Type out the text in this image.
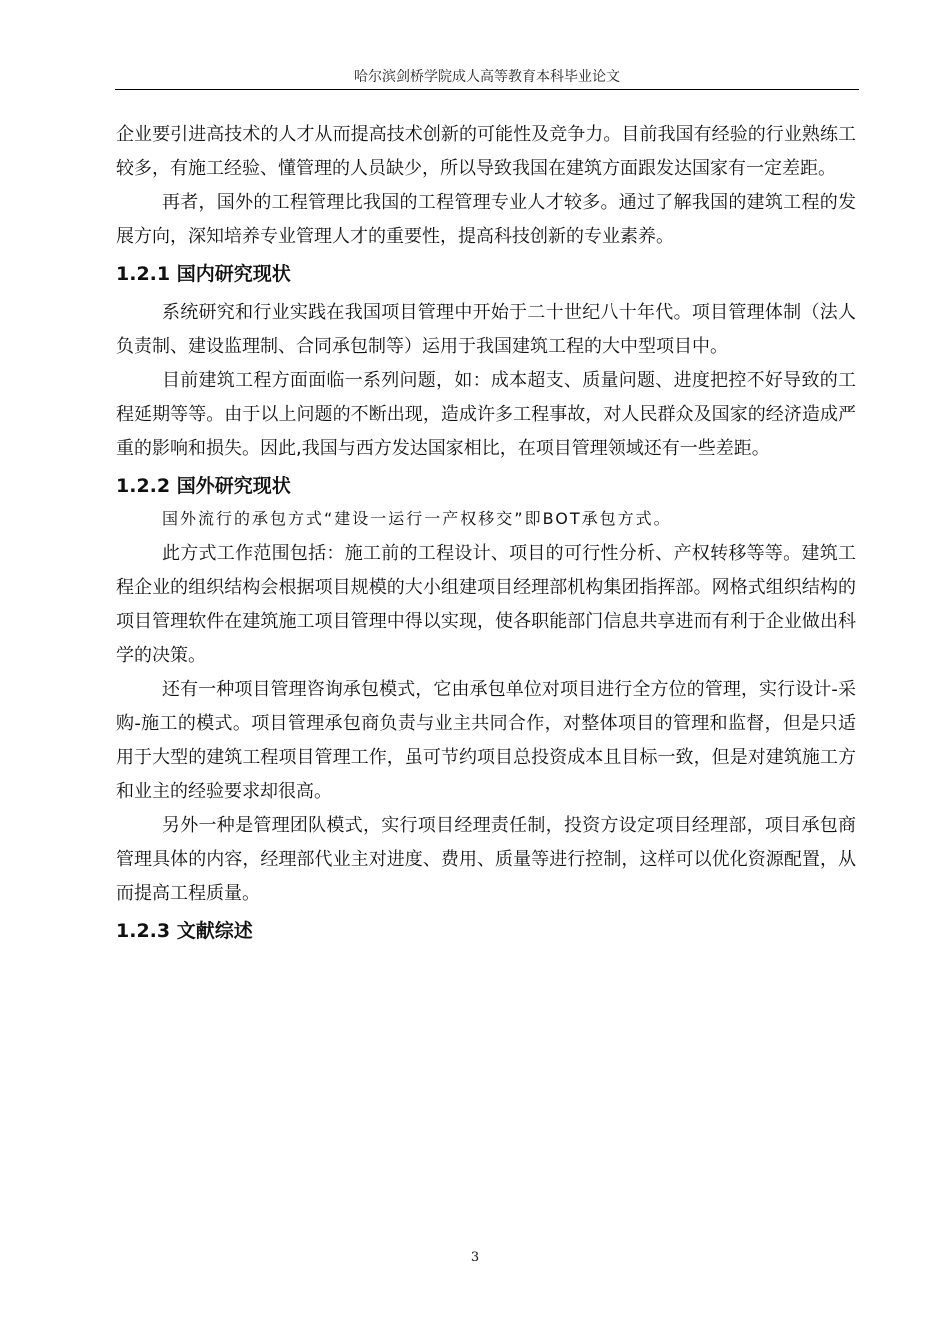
哈尔滨剑桥学院成人高等教育本科毕业论文

企业要引进高技术的人才从而提高技术创新的可能性及竞争力。目前我国有经验的行业熟练工较多，有施工经验、懂管理的人员缺少，所以导致我国在建筑方面跟发达国家有一定差距。

再者，国外的工程管理比我国的工程管理专业人才较多。通过了解我国的建筑工程的发展方向，深知培养专业管理人才的重要性，提高科技创新的专业素养。

1.2.1 国内研究现状

系统研究和行业实践在我国项目管理中开始于二十世纪八十年代。项目管理体制（法人负责制、建设监理制、合同承包制等）运用于我国建筑工程的大中型项目中。

目前建筑工程方面面临一系列问题，如：成本超支、质量问题、进度把控不好导致的工程延期等等。由于以上问题的不断出现，造成许多工程事故，对人民群众及国家的经济造成严重的影响和损失。因此,我国与西方发达国家相比，在项目管理领域还有一些差距。

1.2.2 国外研究现状

国外流行的承包方式“建设一运行一产权移交”即BOT承包方式。

此方式工作范围包括：施工前的工程设计、项目的可行性分析、产权转移等等。建筑工程企业的组织结构会根据项目规模的大小组建项目经理部机构集团指挥部。网格式组织结构的项目管理软件在建筑施工项目管理中得以实现，使各职能部门信息共享进而有利于企业做出科学的决策。

还有一种项目管理咨询承包模式，它由承包单位对项目进行全方位的管理，实行设计-采购-施工的模式。项目管理承包商负责与业主共同合作，对整体项目的管理和监督，但是只适用于大型的建筑工程项目管理工作，虽可节约项目总投资成本且目标一致，但是对建筑施工方和业主的经验要求却很高。

另外一种是管理团队模式，实行项目经理责任制，投资方设定项目经理部，项目承包商管理具体的内容，经理部代业主对进度、费用、质量等进行控制，这样可以优化资源配置，从而提高工程质量。

1.2.3 文献综述
3
